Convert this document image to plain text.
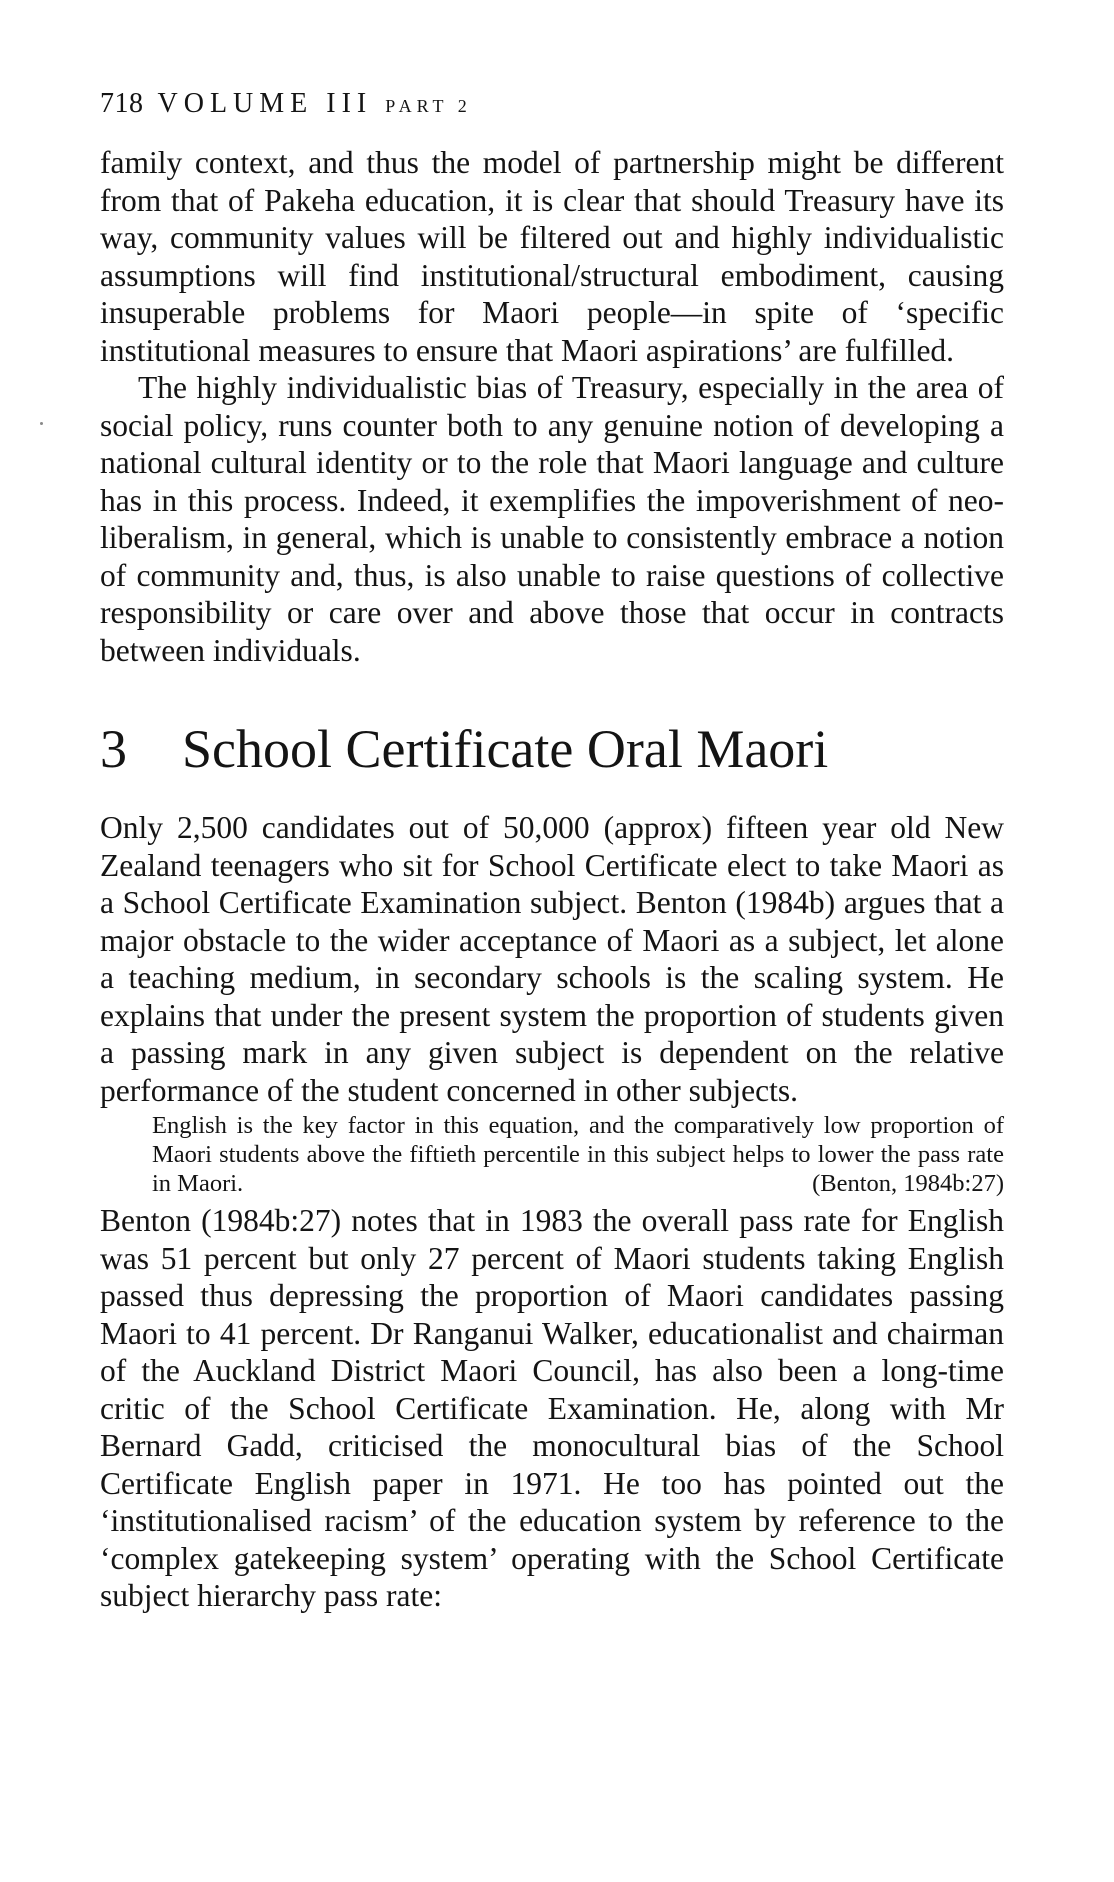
718 VOLUME III PART 2

family context, and thus the model of partnership might be different from that of Pakeha education, it is clear that should Treasury have its way, community values will be filtered out and highly individualistic assumptions will find institutional/structural embodiment, causing insuperable problems for Maori people—in spite of ‘specific institutional measures to ensure that Maori aspirations’ are fulfilled.

The highly individualistic bias of Treasury, especially in the area of social policy, runs counter both to any genuine notion of developing a national cultural identity or to the role that Maori language and culture has in this process. Indeed, it exemplifies the impoverishment of neo-liberalism, in general, which is unable to consistently embrace a notion of community and, thus, is also unable to raise questions of collective responsibility or care over and above those that occur in contracts between individuals.

3 School Certificate Oral Maori

Only 2,500 candidates out of 50,000 (approx) fifteen year old New Zealand teenagers who sit for School Certificate elect to take Maori as a School Certificate Examination subject. Benton (1984b) argues that a major obstacle to the wider acceptance of Maori as a subject, let alone a teaching medium, in secondary schools is the scaling system. He explains that under the present system the proportion of students given a passing mark in any given subject is dependent on the relative performance of the student concerned in other subjects.

English is the key factor in this equation, and the comparatively low proportion of Maori students above the fiftieth percentile in this subject helps to lower the pass rate in Maori.	(Benton, 1984b:27)

Benton (1984b:27) notes that in 1983 the overall pass rate for English was 51 percent but only 27 percent of Maori students taking English passed thus depressing the proportion of Maori candidates passing Maori to 41 percent. Dr Ranganui Walker, educationalist and chairman of the Auckland District Maori Council, has also been a long-time critic of the School Certificate Examination. He, along with Mr Bernard Gadd, criticised the monocultural bias of the School Certificate English paper in 1971. He too has pointed out the ‘institutionalised racism’ of the education system by reference to the ‘complex gatekeeping system’ operating with the School Certificate subject hierarchy pass rate:
